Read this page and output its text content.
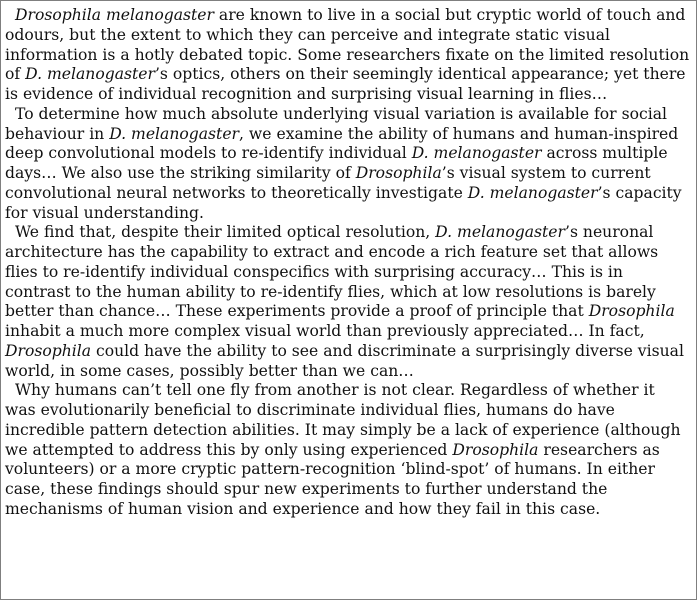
Drosophila melanogaster are known to live in a social but cryptic world of touch and odours, but the extent to which they can perceive and integrate static visual information is a hotly debated topic. Some researchers fixate on the limited resolution of D. melanogaster’s optics, others on their seemingly identical appearance; yet there is evidence of individual recognition and surprising visual learning in flies…

To determine how much absolute underlying visual variation is available for social behaviour in D. melanogaster, we examine the ability of humans and human-inspired deep convolutional models to re-identify individual D. melanogaster across multiple days… We also use the striking similarity of Drosophila’s visual system to current convolutional neural networks to theoretically investigate D. melanogaster’s capacity for visual understanding.

We find that, despite their limited optical resolution, D. melanogaster’s neuronal architecture has the capability to extract and encode a rich feature set that allows flies to re-identify individual conspecifics with surprising accuracy… This is in contrast to the human ability to re-identify flies, which at low resolutions is barely better than chance… These experiments provide a proof of principle that Drosophila inhabit a much more complex visual world than previously appreciated… In fact, Drosophila could have the ability to see and discriminate a surprisingly diverse visual world, in some cases, possibly better than we can…

Why humans can’t tell one fly from another is not clear. Regardless of whether it was evolutionarily beneficial to discriminate individual flies, humans do have incredible pattern detection abilities. It may simply be a lack of experience (although we attempted to address this by only using experienced Drosophila researchers as volunteers) or a more cryptic pattern-recognition ‘blind-spot’ of humans. In either case, these findings should spur new experiments to further understand the mechanisms of human vision and experience and how they fail in this case.
